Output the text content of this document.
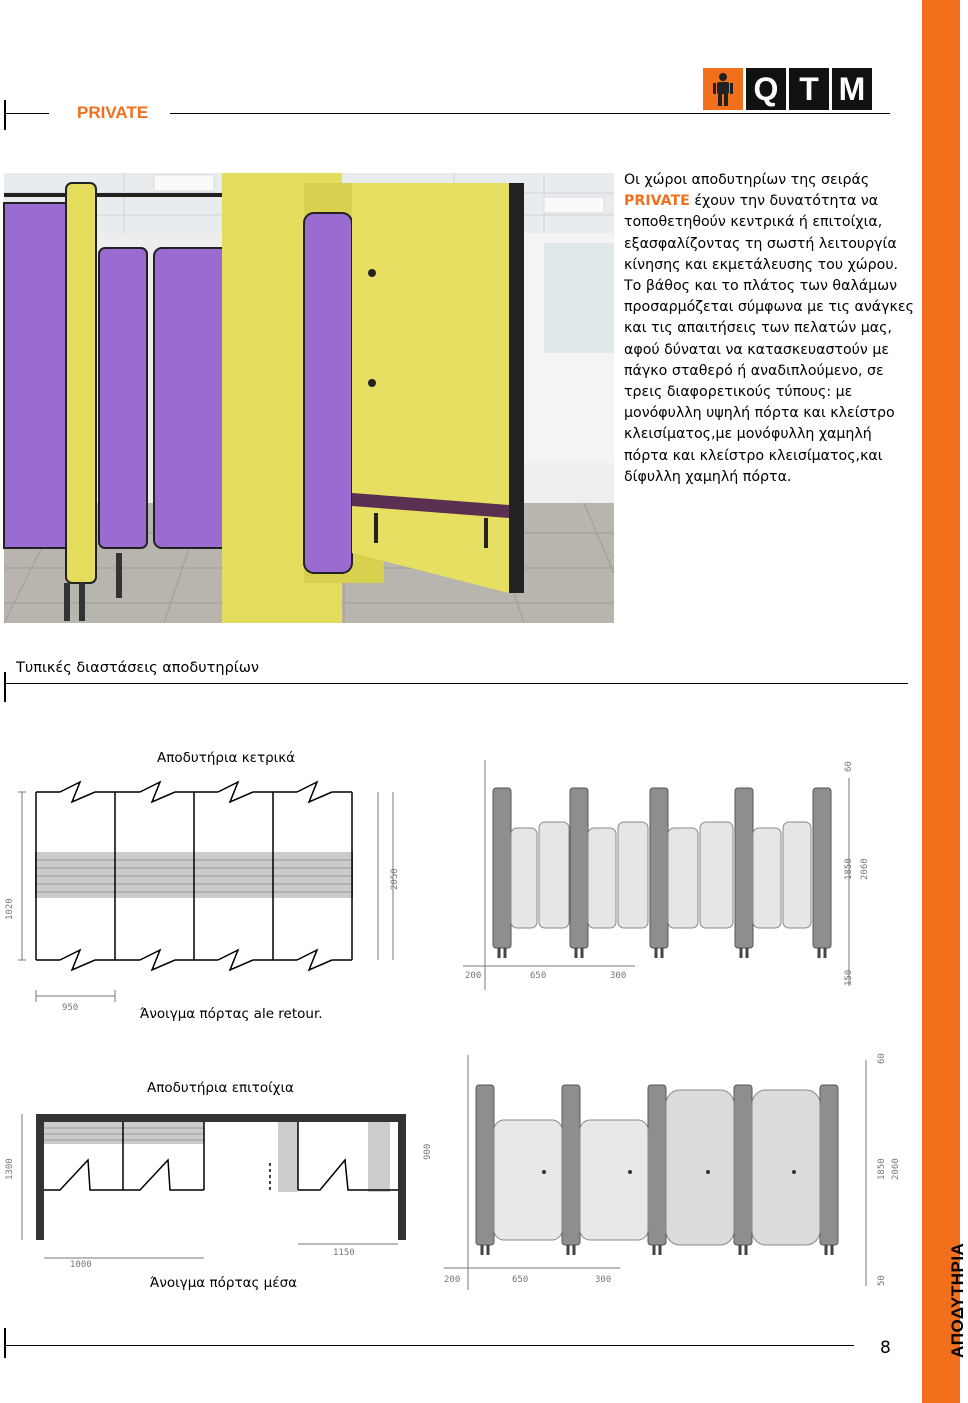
ΑΠΟΔΥΤΗΡΙΑ
PRIVATE
Q T M
Οι χώροι αποδυτηρίων της σειράς
PRIVATE έχουν την δυνατότητα να τοποθετηθούν κεντρικά ή επιτοίχια, εξασφαλίζοντας τη σωστή λειτουργία κίνησης και εκμετάλευσης του χώρου. Το βάθος και το πλάτος των θαλάμων προσαρμόζεται σύμφωνα με τις ανάγκες και τις απαιτήσεις των πελατών μας, αφού δύναται να κατασκευαστούν με πάγκο σταθερό ή αναδιπλούμενο, σε τρεις διαφορετικούς τύπους: με μονόφυλλη υψηλή πόρτα και κλείστρο κλεισίματος,με μονόφυλλη χαμηλή πόρτα και κλείστρο κλεισίματος,και δίφυλλη χαμηλή πόρτα.
Τυπικές διαστάσεις αποδυτηρίων
Αποδυτήρια κετρικά
1020
950
2050
Άνοιγμα πόρτας ale retour.
60
1850 2060
150
200	650	300
Αποδυτήρια επιτοίχια
1300
900
1000
1150
Άνοιγμα πόρτας μέσα
60
1850 2060
50
200	650	300
8
